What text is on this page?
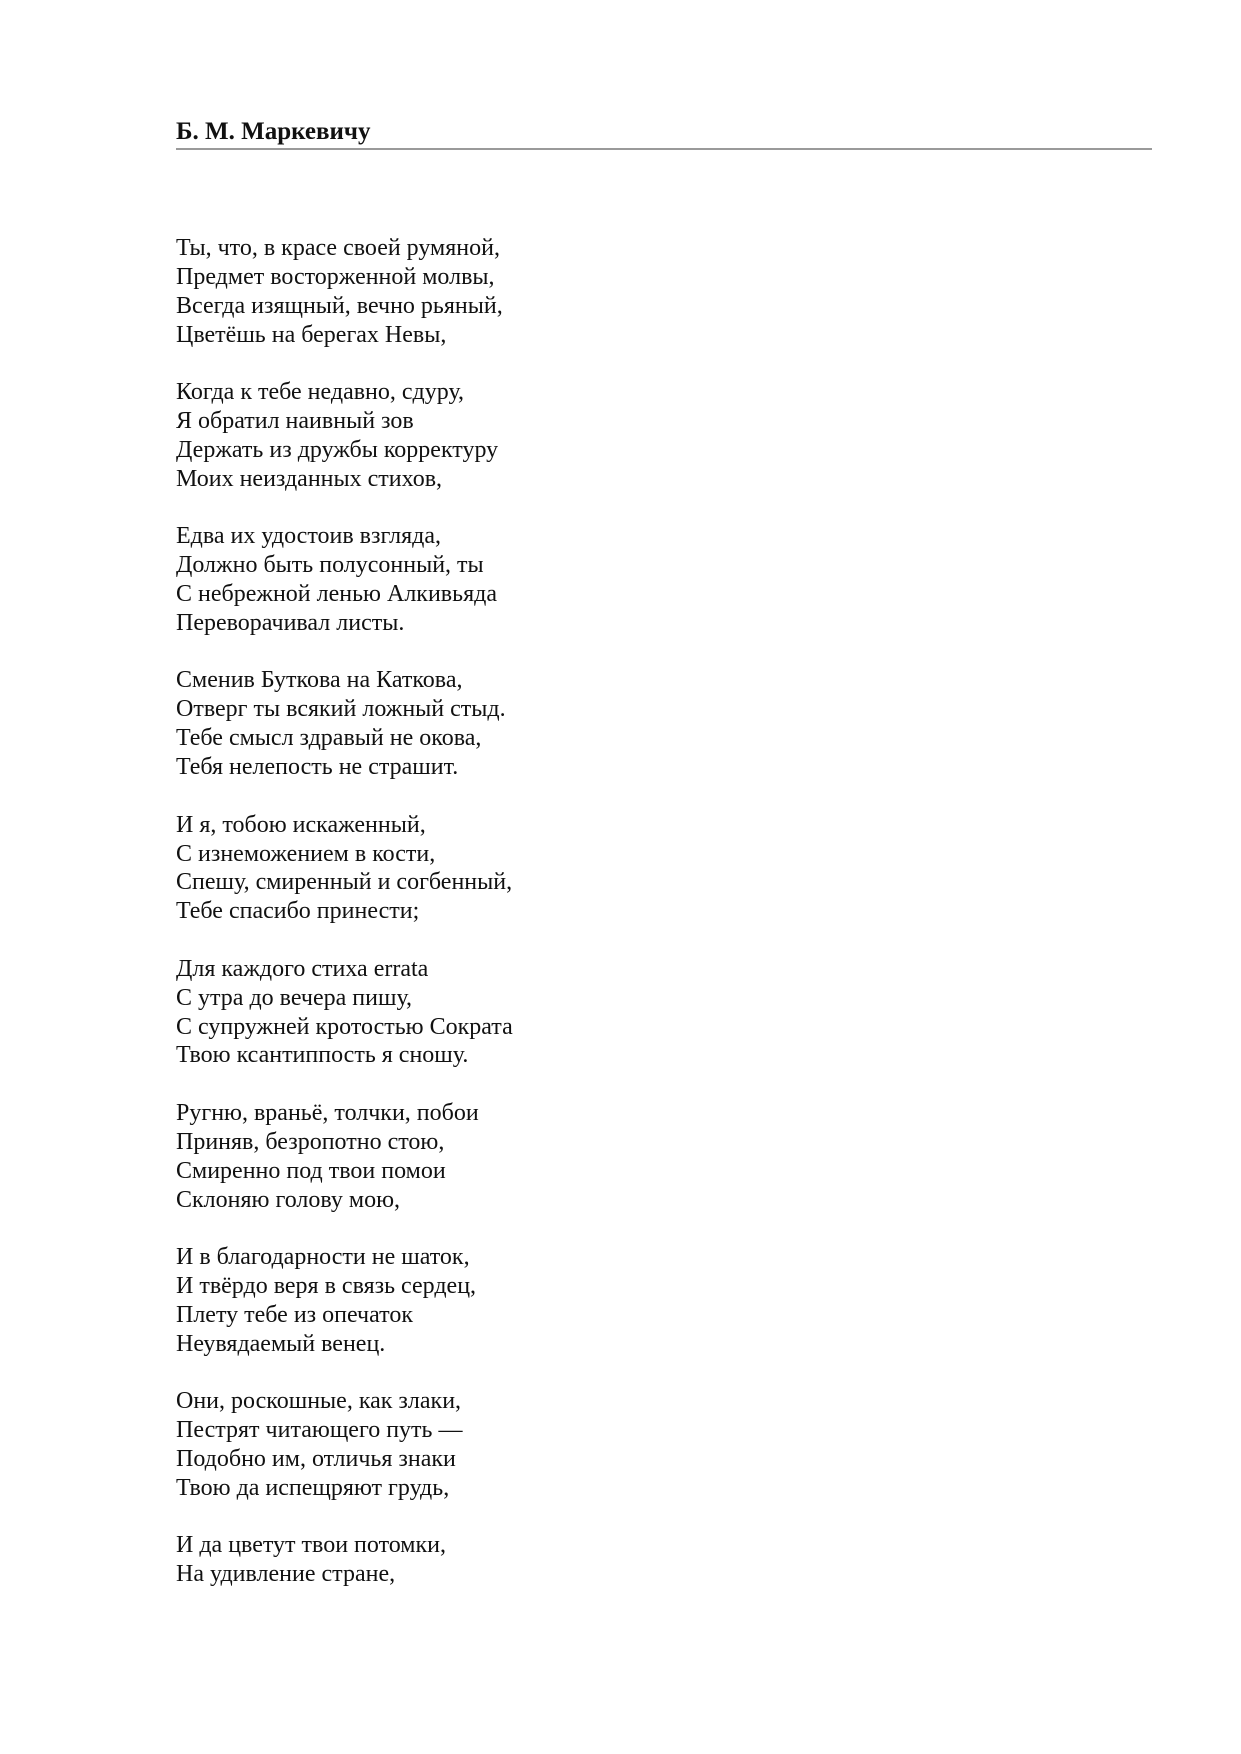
Б. М. Маркевичу
Ты, что, в красе своей румяной,
Предмет восторженной молвы,
Всегда изящный, вечно рьяный,
Цветёшь на берегах Невы,
Когда к тебе недавно, сдуру,
Я обратил наивный зов
Держать из дружбы корректуру
Моих неизданных стихов,
Едва их удостоив взгляда,
Должно быть полусонный, ты
С небрежной ленью Алкивьяда
Переворачивал листы.
Сменив Буткова на Каткова,
Отверг ты всякий ложный стыд.
Тебе смысл здравый не окова,
Тебя нелепость не страшит.
И я, тобою искаженный,
С изнеможением в кости,
Спешу, смиренный и согбенный,
Тебе спасибо принести;
Для каждого стиха errata
С утра до вечера пишу,
С супружней кротостью Сократа
Твою ксантиппость я сношу.
Ругню, враньё, толчки, побои
Приняв, безропотно стою,
Смиренно под твои помои
Склоняю голову мою,
И в благодарности не шаток,
И твёрдо веря в связь сердец,
Плету тебе из опечаток
Неувядаемый венец.
Они, роскошные, как злаки,
Пестрят читающего путь —
Подобно им, отличья знаки
Твою да испещряют грудь,
И да цветут твои потомки,
На удивление стране,
